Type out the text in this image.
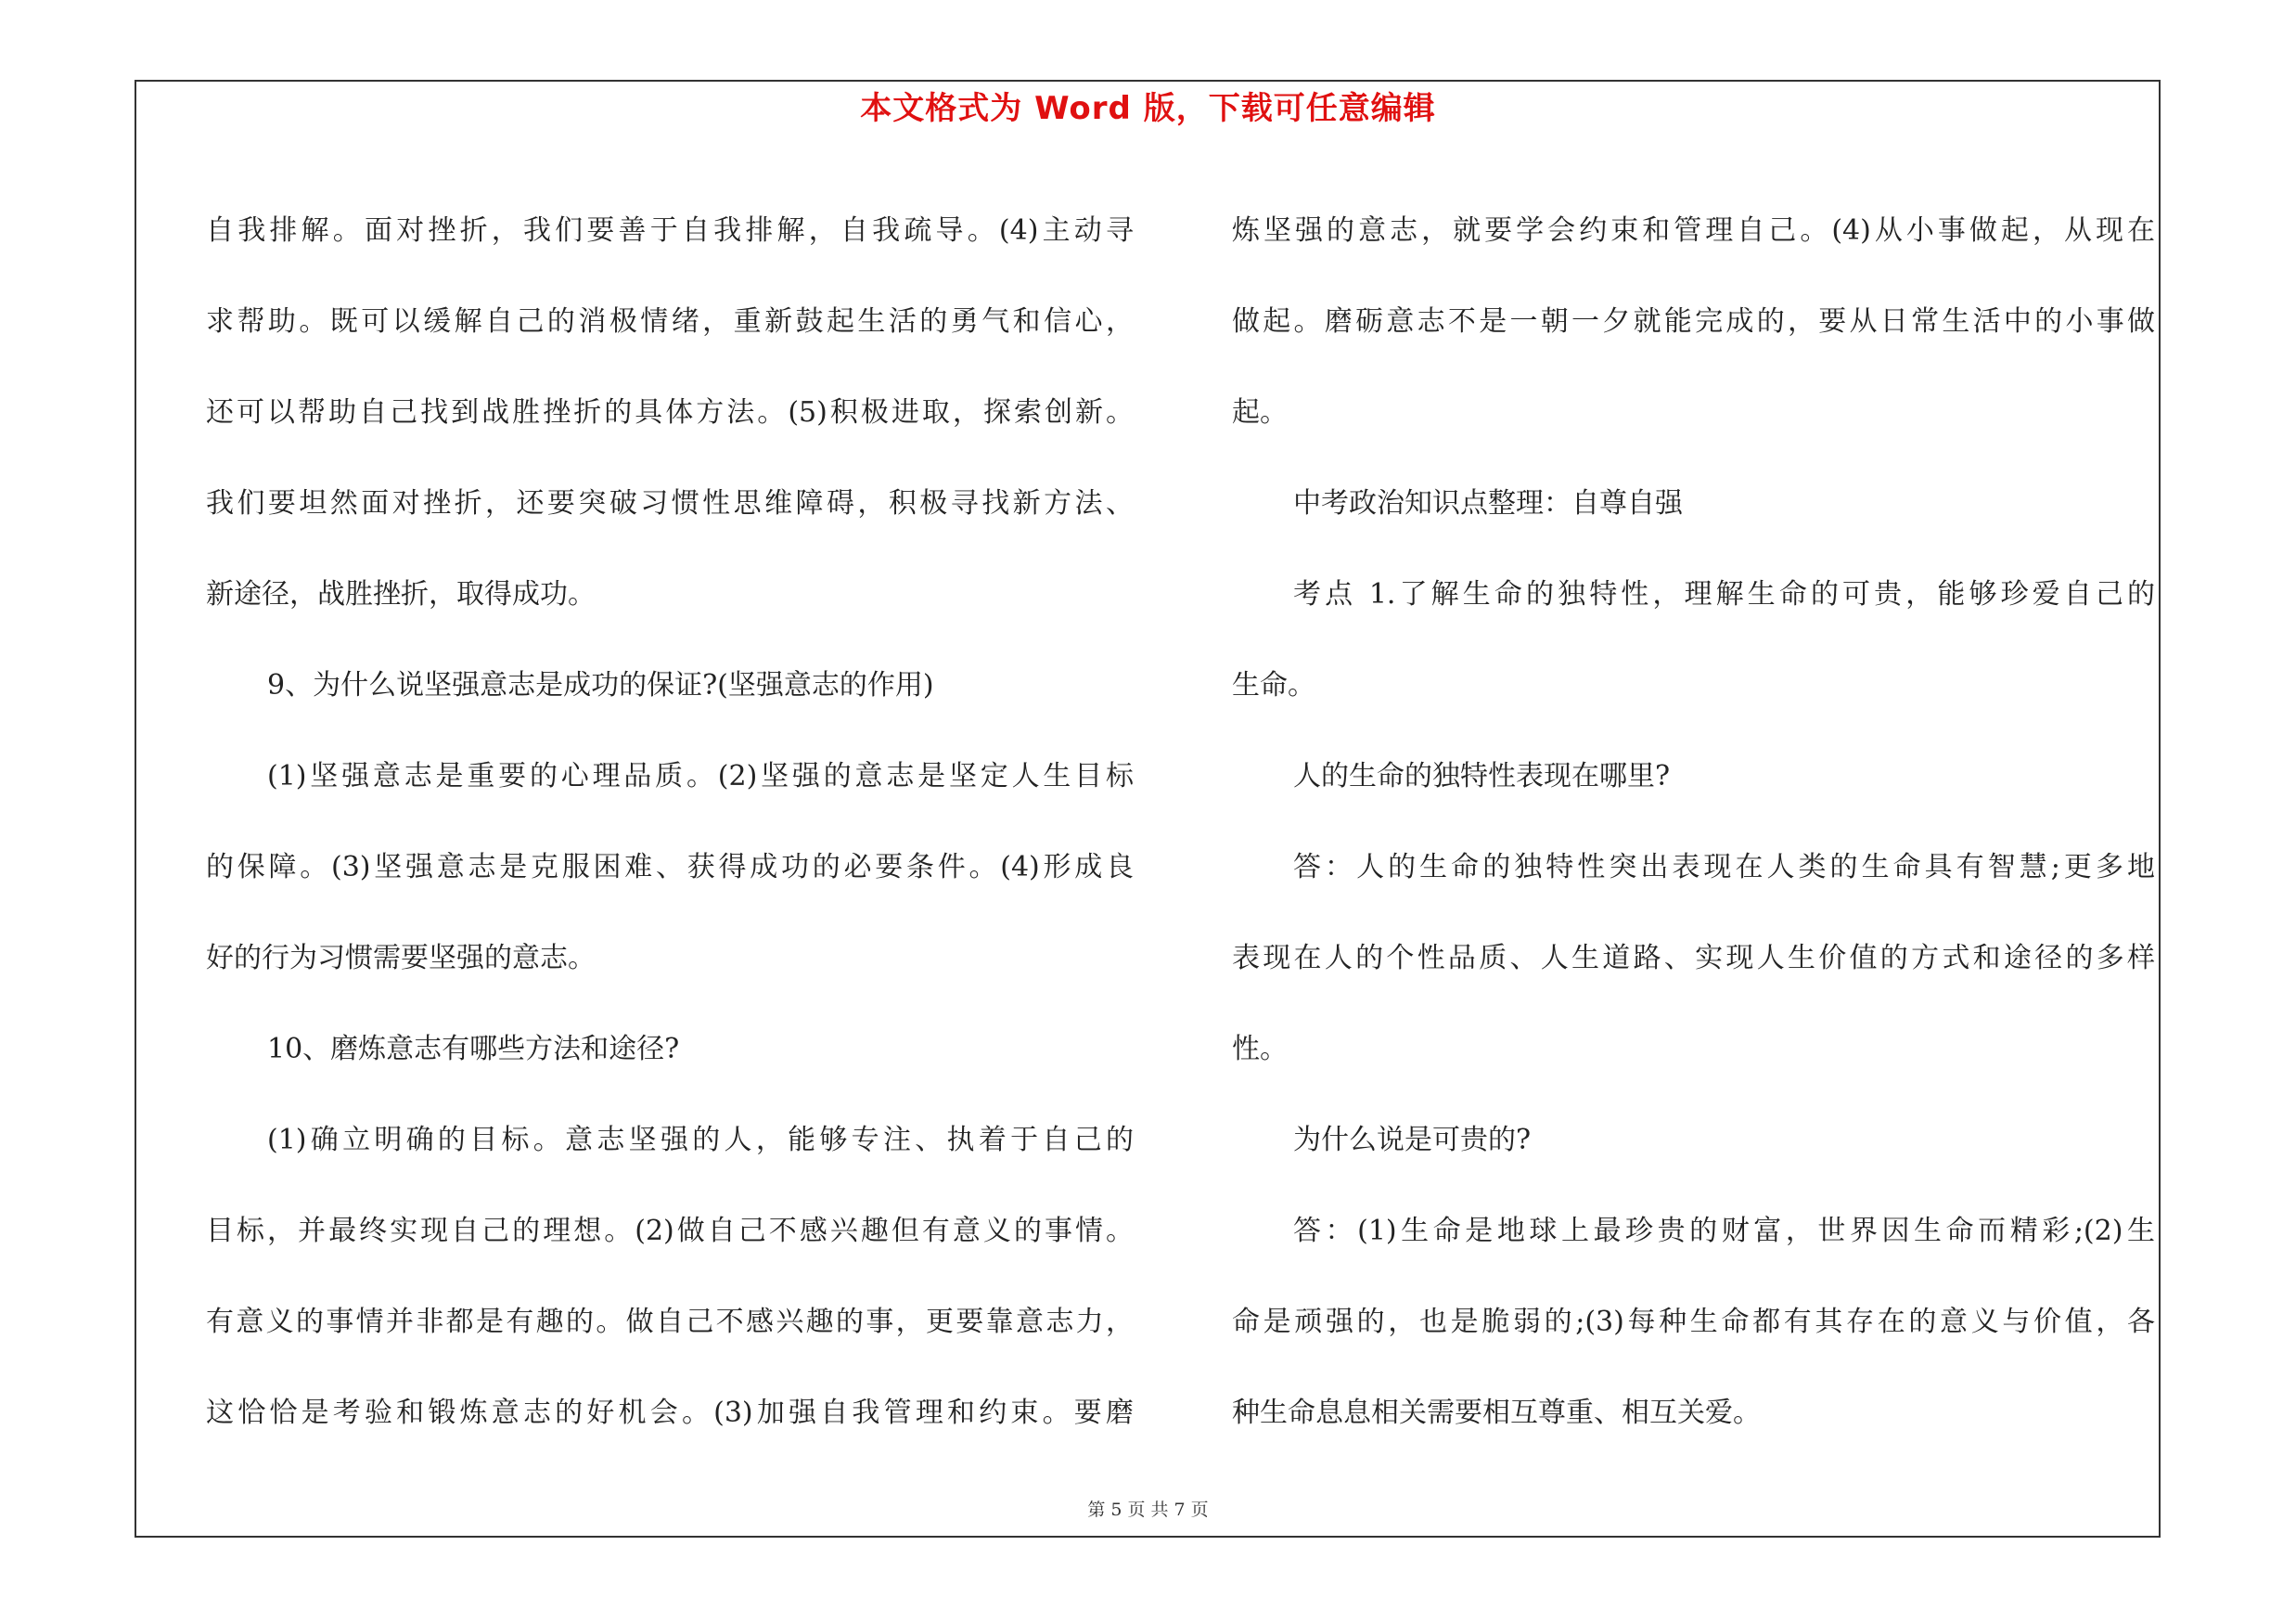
本文格式为 Word 版，下载可任意编辑
自我排解。面对挫折，我们要善于自我排解，自我疏导。(4)主动寻
求帮助。既可以缓解自己的消极情绪，重新鼓起生活的勇气和信心，
还可以帮助自己找到战胜挫折的具体方法。(5)积极进取，探索创新。
我们要坦然面对挫折，还要突破习惯性思维障碍，积极寻找新方法、
新途径，战胜挫折，取得成功。
9、为什么说坚强意志是成功的保证?(坚强意志的作用)
(1)坚强意志是重要的心理品质。(2)坚强的意志是坚定人生目标
的保障。(3)坚强意志是克服困难、获得成功的必要条件。(4)形成良
好的行为习惯需要坚强的意志。
10、磨炼意志有哪些方法和途径?
(1)确立明确的目标。意志坚强的人，能够专注、执着于自己的
目标，并最终实现自己的理想。(2)做自己不感兴趣但有意义的事情。
有意义的事情并非都是有趣的。做自己不感兴趣的事，更要靠意志力，
这恰恰是考验和锻炼意志的好机会。(3)加强自我管理和约束。要磨
炼坚强的意志，就要学会约束和管理自己。(4)从小事做起，从现在
做起。磨砺意志不是一朝一夕就能完成的，要从日常生活中的小事做
起。
中考政治知识点整理：自尊自强
考点 1.了解生命的独特性，理解生命的可贵，能够珍爱自己的
生命。
人的生命的独特性表现在哪里?
答：人的生命的独特性突出表现在人类的生命具有智慧;更多地
表现在人的个性品质、人生道路、实现人生价值的方式和途径的多样
性。
为什么说是可贵的?
答：(1)生命是地球上最珍贵的财富，世界因生命而精彩;(2)生
命是顽强的，也是脆弱的;(3)每种生命都有其存在的意义与价值，各
种生命息息相关需要相互尊重、相互关爱。
第 5 页 共 7 页
